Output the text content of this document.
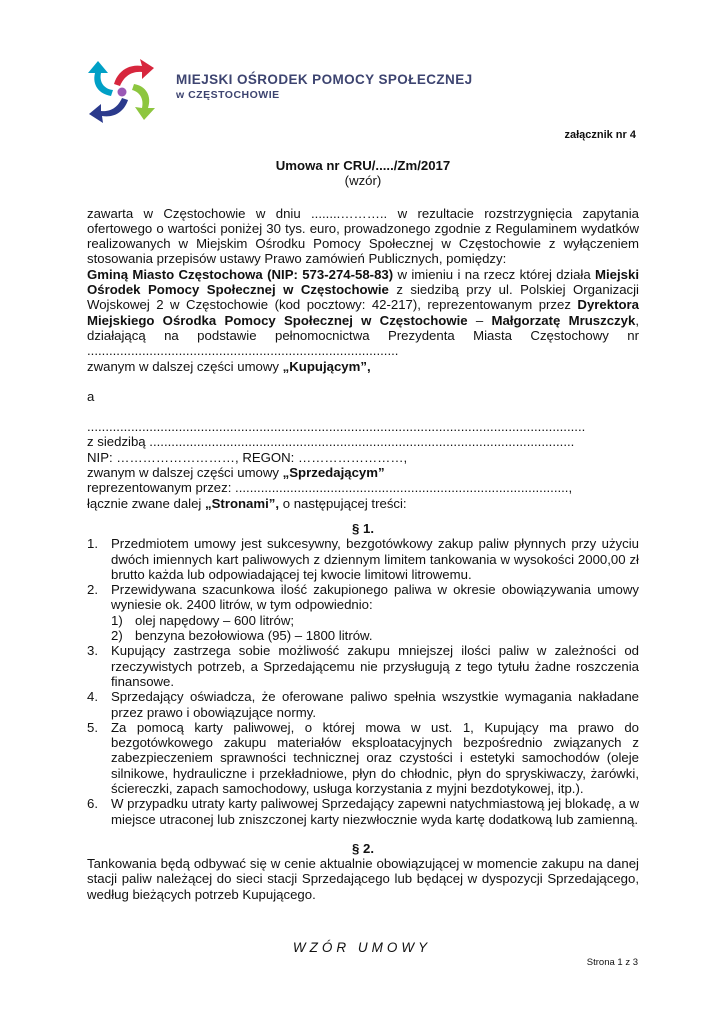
MIEJSKI OŚRODEK POMOCY SPOŁECZNEJ
w CZĘSTOCHOWIE
załącznik nr 4
Umowa nr CRU/...../Zm/2017
(wzór)
zawarta w Częstochowie w dniu ........……….. w rezultacie rozstrzygnięcia zapytania ofertowego o wartości poniżej 30 tys. euro, prowadzonego zgodnie z Regulaminem wydatków realizowanych w Miejskim Ośrodku Pomocy Społecznej w Częstochowie z wyłączeniem stosowania przepisów ustawy Prawo zamówień Publicznych, pomiędzy:
Gminą Miasto Częstochowa (NIP: 573-274-58-83) w imieniu i na rzecz której działa Miejski Ośrodek Pomocy Społecznej w Częstochowie z siedzibą przy ul. Polskiej Organizacji Wojskowej 2 w Częstochowie (kod pocztowy: 42-217), reprezentowanym przez Dyrektora Miejskiego Ośrodka Pomocy Społecznej w Częstochowie – Małgorzatę Mruszczyk, działającą na podstawie pełnomocnictwa Prezydenta Miasta Częstochowy nr .....................................................................................
zwanym w dalszej części umowy „Kupującym”,
a
........................................................................................................................................
z siedzibą ....................................................................................................................
NIP: ………………………, REGON: ……………………,
zwanym w dalszej części umowy „Sprzedającym”
reprezentowanym przez: ...........................................................................................,
łącznie zwane dalej „Stronami”, o następującej treści:
§ 1.
1. Przedmiotem umowy jest sukcesywny, bezgotówkowy zakup paliw płynnych przy użyciu dwóch imiennych kart paliwowych z dziennym limitem tankowania w wysokości 2000,00 zł brutto każda lub odpowiadającej tej kwocie limitowi litrowemu.
2. Przewidywana szacunkowa ilość zakupionego paliwa w okresie obowiązywania umowy wyniesie ok. 2400 litrów, w tym odpowiednio:
1) olej napędowy – 600 litrów;
2) benzyna bezołowiowa (95) – 1800 litrów.
3. Kupujący zastrzega sobie możliwość zakupu mniejszej ilości paliw w zależności od rzeczywistych potrzeb, a Sprzedającemu nie przysługują z tego tytułu żadne roszczenia finansowe.
4. Sprzedający oświadcza, że oferowane paliwo spełnia wszystkie wymagania nakładane przez prawo i obowiązujące normy.
5. Za pomocą karty paliwowej, o której mowa w ust. 1, Kupujący ma prawo do bezgotówkowego zakupu materiałów eksploatacyjnych bezpośrednio związanych z zabezpieczeniem sprawności technicznej oraz czystości i estetyki samochodów (oleje silnikowe, hydrauliczne i przekładniowe, płyn do chłodnic, płyn do spryskiwaczy, żarówki, ściereczki, zapach samochodowy, usługa korzystania z myjni bezdotykowej, itp.).
6. W przypadku utraty karty paliwowej Sprzedający zapewni natychmiastową jej blokadę, a w miejsce utraconej lub zniszczonej karty niezwłocznie wyda kartę dodatkową lub zamienną.
§ 2.
Tankowania będą odbywać się w cenie aktualnie obowiązującej w momencie zakupu na danej stacji paliw należącej do sieci stacji Sprzedającego lub będącej w dyspozycji Sprzedającego, według bieżących potrzeb Kupującego.
WZÓR UMOWY
Strona 1 z 3
